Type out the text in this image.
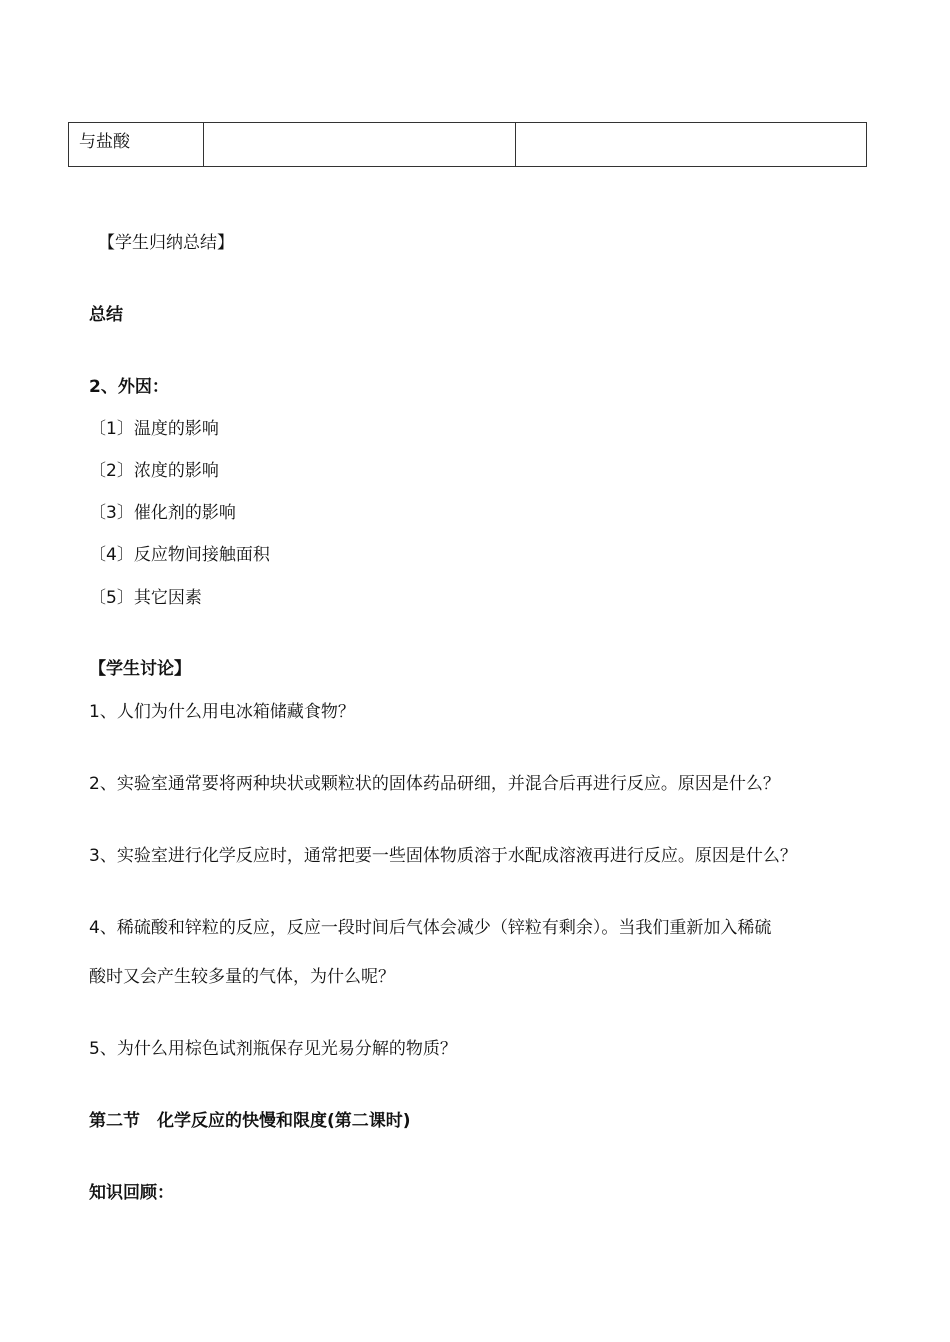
与盐酸		
【学生归纳总结】
总结
2、外因：
〔1〕温度的影响
〔2〕浓度的影响
〔3〕催化剂的影响
〔4〕反应物间接触面积
〔5〕其它因素
【学生讨论】
1、人们为什么用电冰箱储藏食物？
2、实验室通常要将两种块状或颗粒状的固体药品研细，并混合后再进行反应。原因是什么？
3、实验室进行化学反应时，通常把要一些固体物质溶于水配成溶液再进行反应。原因是什么？
4、稀硫酸和锌粒的反应，反应一段时间后气体会减少（锌粒有剩余）。当我们重新加入稀硫
酸时又会产生较多量的气体，为什么呢？
5、为什么用棕色试剂瓶保存见光易分解的物质？
第二节　化学反应的快慢和限度(第二课时)
知识回顾：
